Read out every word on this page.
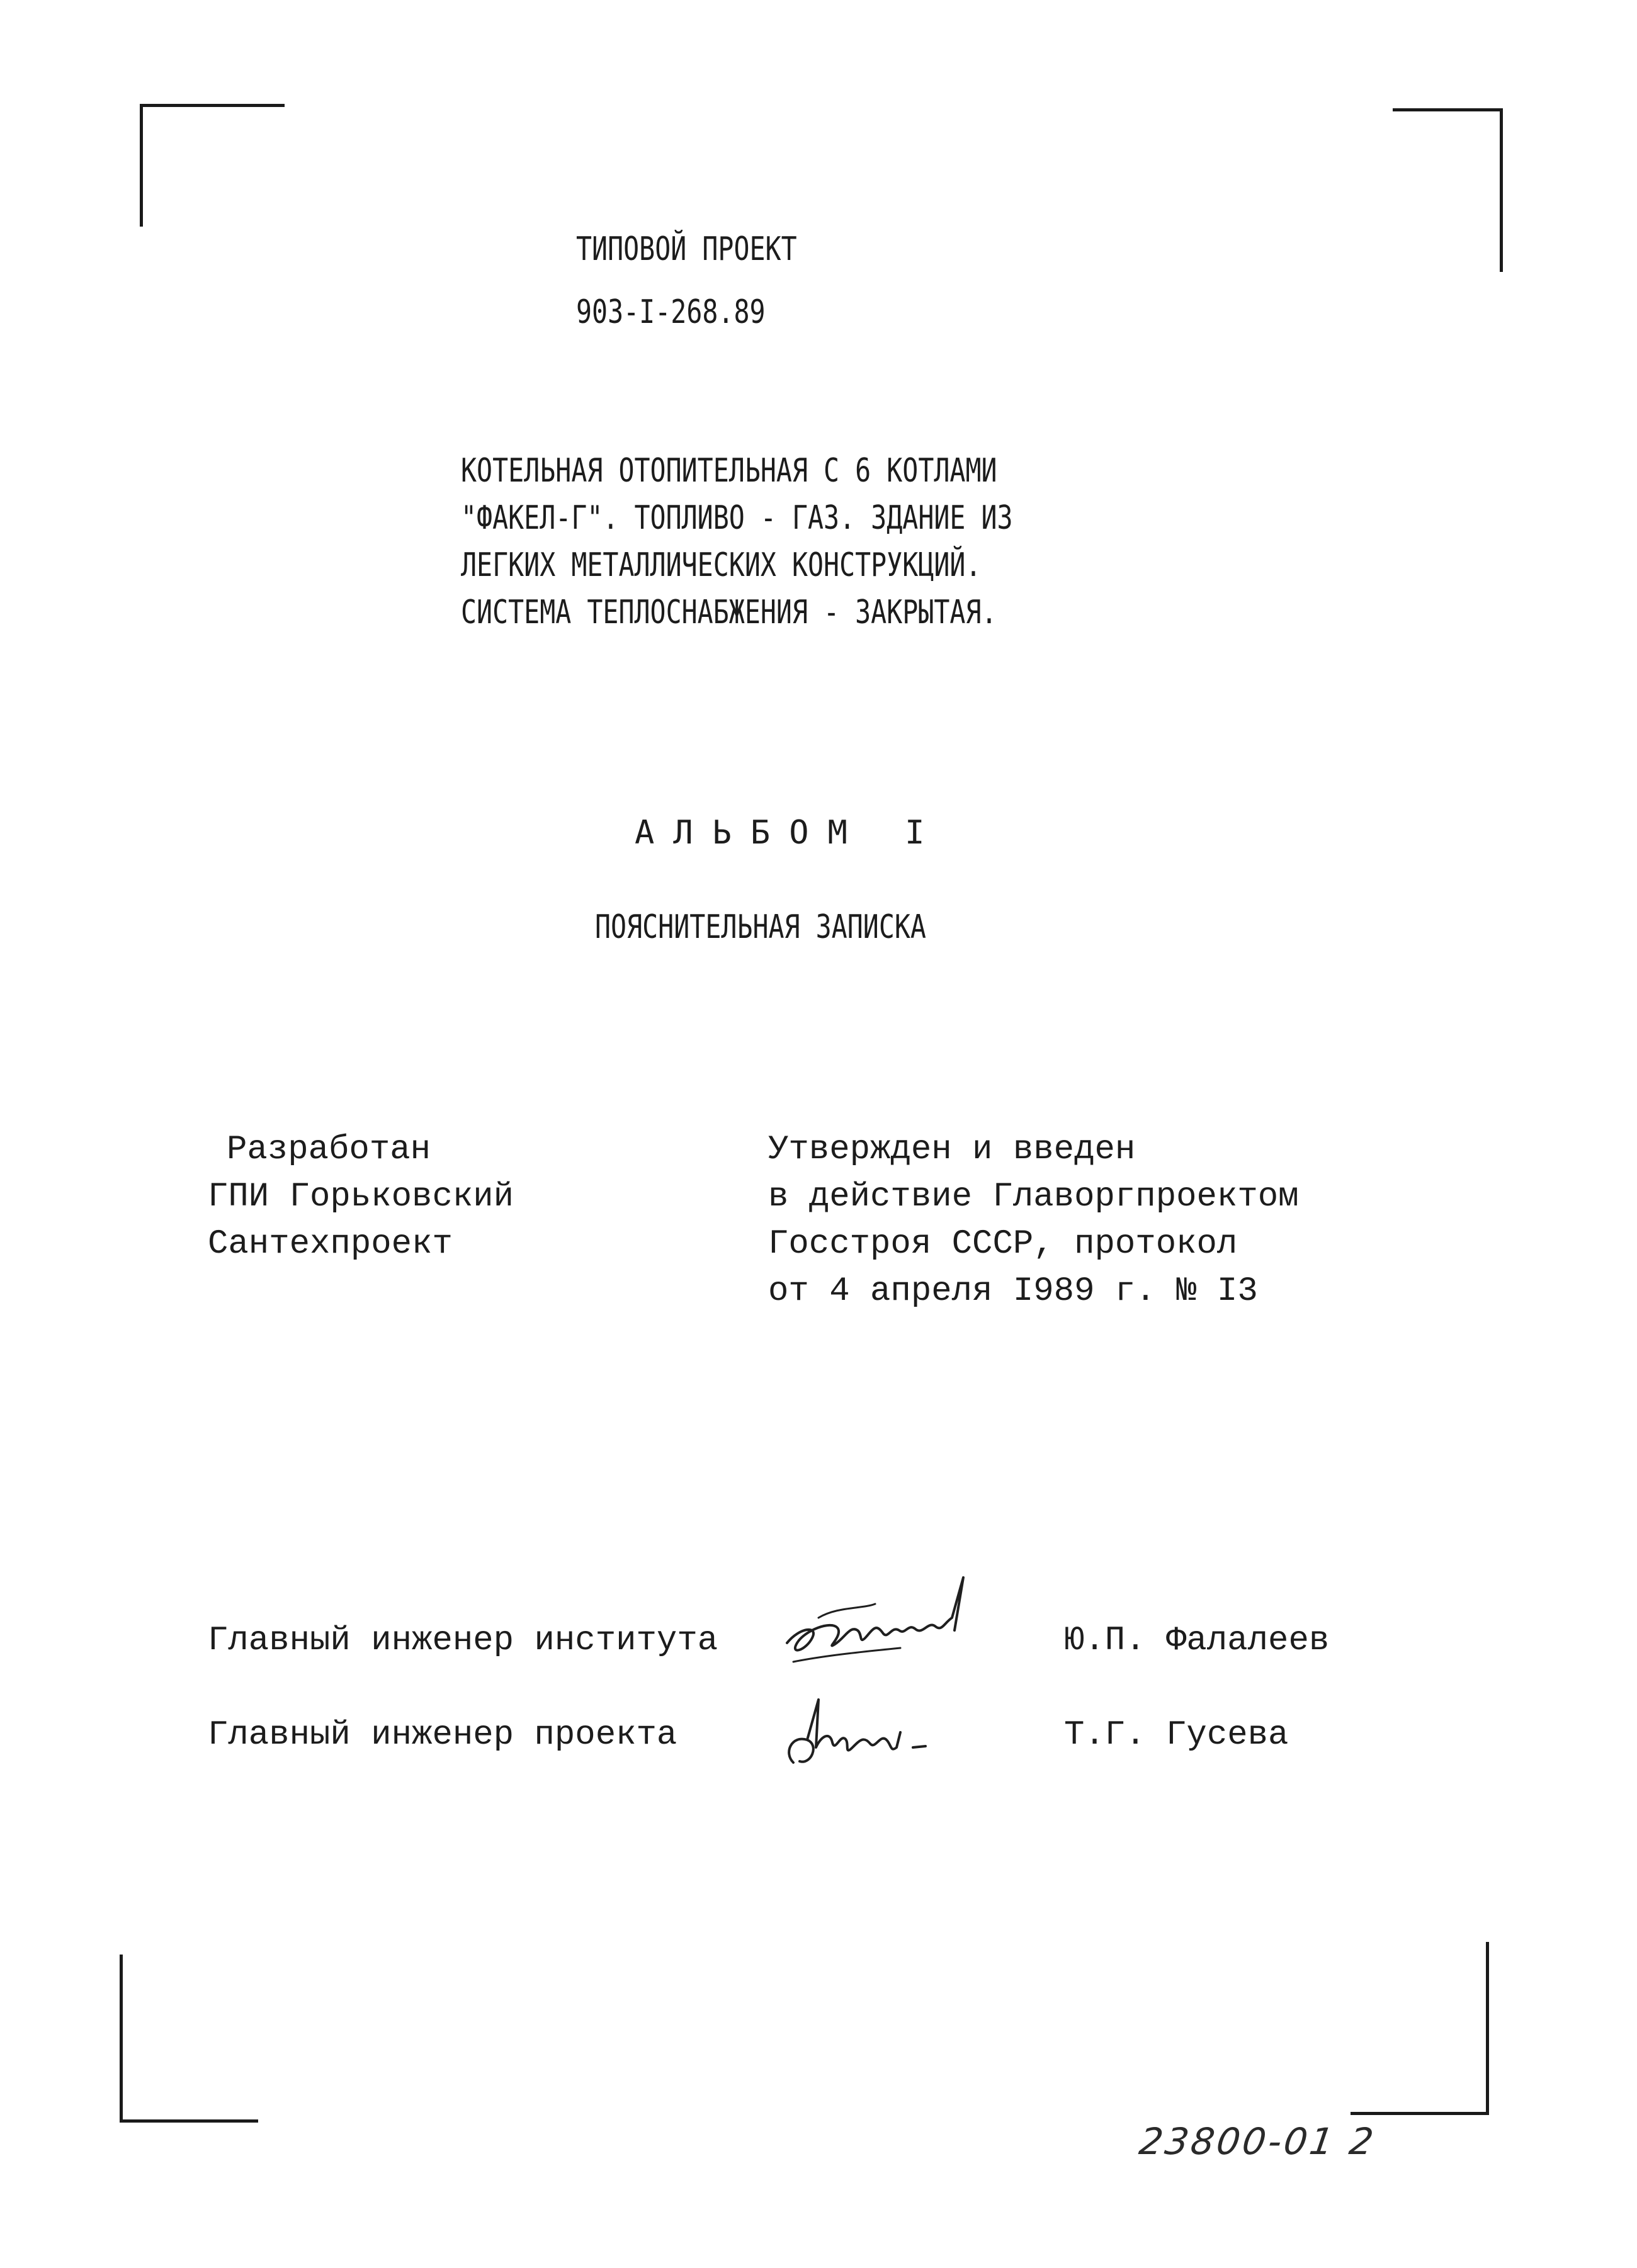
ТИПОВОЙ ПРОЕКТ
903-I-268.89
КОТЕЛЬНАЯ ОТОПИТЕЛЬНАЯ С 6 КОТЛАМИ
"ФАКЕЛ-Г". ТОПЛИВО - ГАЗ. ЗДАНИЕ ИЗ
ЛЕГКИХ МЕТАЛЛИЧЕСКИХ КОНСТРУКЦИЙ.
СИСТЕМА ТЕПЛОСНАБЖЕНИЯ - ЗАКРЫТАЯ.
АЛЬБОМ I
ПОЯСНИТЕЛЬНАЯ ЗАПИСКА
Разработан
ГПИ Горьковский
Сантехпроект
Утвержден и введен
в действие Главоргпроектом
Госстроя СССР, протокол
от 4 апреля I989 г. № I3
Главный инженер института	Ю.П. Фалалеев
Главный инженер проекта	Т.Г. Гусева
23800-01 2
